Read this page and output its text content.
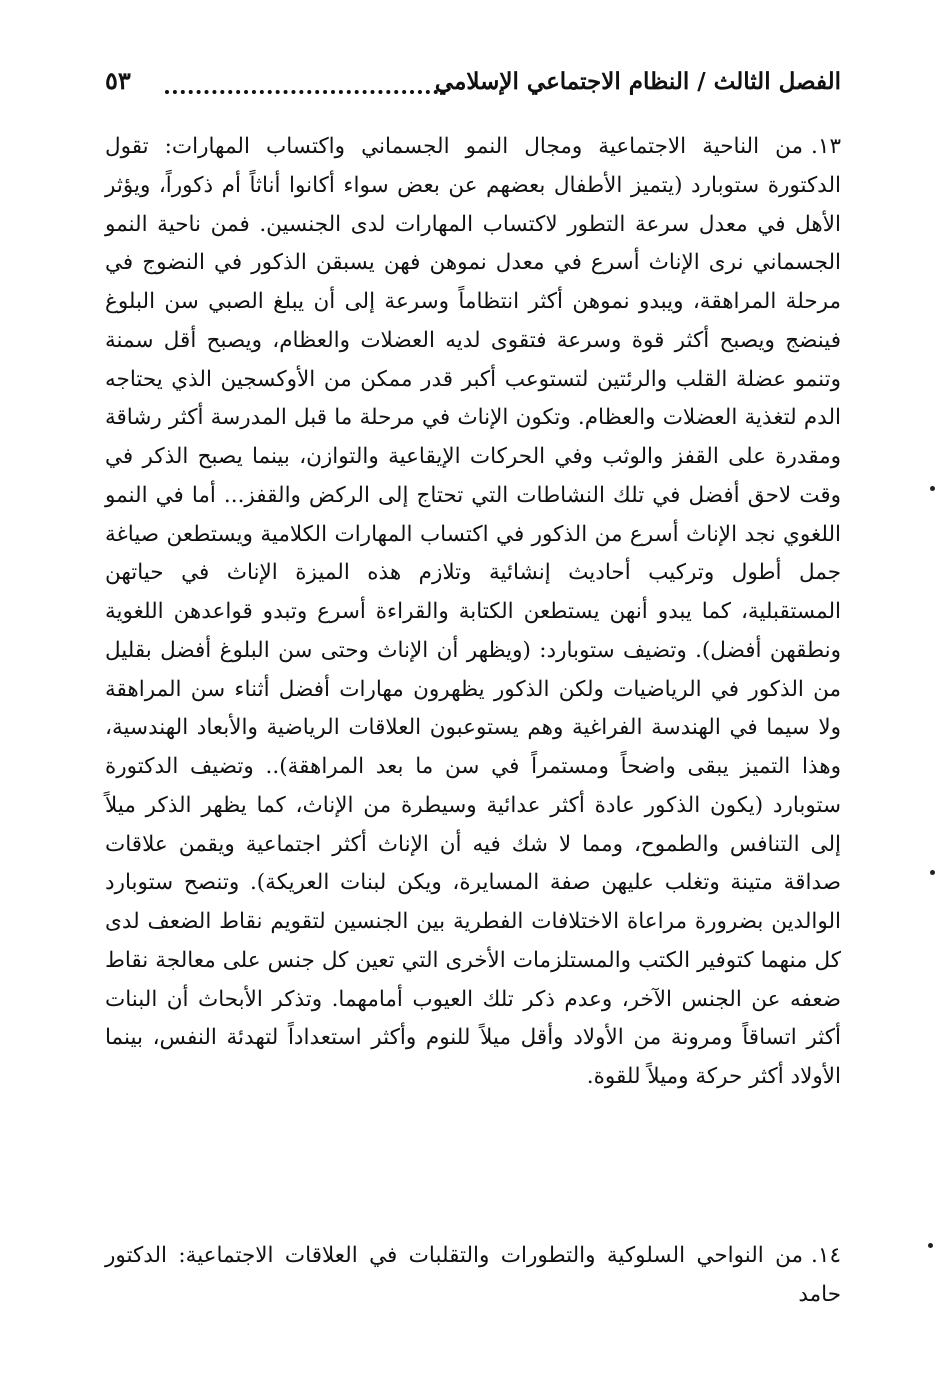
الفصل الثالث / النظام الاجتماعي الإسلامي
٥٣
١٣.من الناحية الاجتماعية ومجال النمو الجسماني واكتساب المهارات: تقول الدكتورة ستوبارد (يتميز الأطفال بعضهم عن بعض سواء أكانوا أناثاً أم ذكوراً، ويؤثر الأهل في معدل سرعة التطور لاكتساب المهارات لدى الجنسين. فمن ناحية النمو الجسماني نرى الإناث أسرع في معدل نموهن فهن يسبقن الذكور في النضوج في مرحلة المراهقة، ويبدو نموهن أكثر انتظاماً وسرعة إلى أن يبلغ الصبي سن البلوغ فينضج ويصبح أكثر قوة وسرعة فتقوى لديه العضلات والعظام، ويصبح أقل سمنة وتنمو عضلة القلب والرئتين لتستوعب أكبر قدر ممكن من الأوكسجين الذي يحتاجه الدم لتغذية العضلات والعظام. وتكون الإناث في مرحلة ما قبل المدرسة أكثر رشاقة ومقدرة على القفز والوثب وفي الحركات الإيقاعية والتوازن، بينما يصبح الذكر في وقت لاحق أفضل في تلك النشاطات التي تحتاج إلى الركض والقفز... أما في النمو اللغوي نجد الإناث أسرع من الذكور في اكتساب المهارات الكلامية ويستطعن صياغة جمل أطول وتركيب أحاديث إنشائية وتلازم هذه الميزة الإناث في حياتهن المستقبلية، كما يبدو أنهن يستطعن الكتابة والقراءة أسرع وتبدو قواعدهن اللغوية ونطقهن أفضل). وتضيف ستوبارد: (ويظهر أن الإناث وحتى سن البلوغ أفضل بقليل من الذكور في الرياضيات ولكن الذكور يظهرون مهارات أفضل أثناء سن المراهقة ولا سيما في الهندسة الفراغية وهم يستوعبون العلاقات الرياضية والأبعاد الهندسية، وهذا التميز يبقى واضحاً ومستمراً في سن ما بعد المراهقة).. وتضيف الدكتورة ستوبارد (يكون الذكور عادة أكثر عدائية وسيطرة من الإناث، كما يظهر الذكر ميلاً إلى التنافس والطموح، ومما لا شك فيه أن الإناث أكثر اجتماعية ويقمن علاقات صداقة متينة وتغلب عليهن صفة المسايرة، ويكن لبنات العريكة). وتنصح ستوبارد الوالدين بضرورة مراعاة الاختلافات الفطرية بين الجنسين لتقويم نقاط الضعف لدى كل منهما كتوفير الكتب والمستلزمات الأخرى التي تعين كل جنس على معالجة نقاط ضعفه عن الجنس الآخر، وعدم ذكر تلك العيوب أمامهما. وتذكر الأبحاث أن البنات أكثر اتساقاً ومرونة من الأولاد وأقل ميلاً للنوم وأكثر استعداداً لتهدئة النفس، بينما الأولاد أكثر حركة وميلاً للقوة.
١٤.من النواحي السلوكية والتطورات والتقلبات في العلاقات الاجتماعية: الدكتور حامد
